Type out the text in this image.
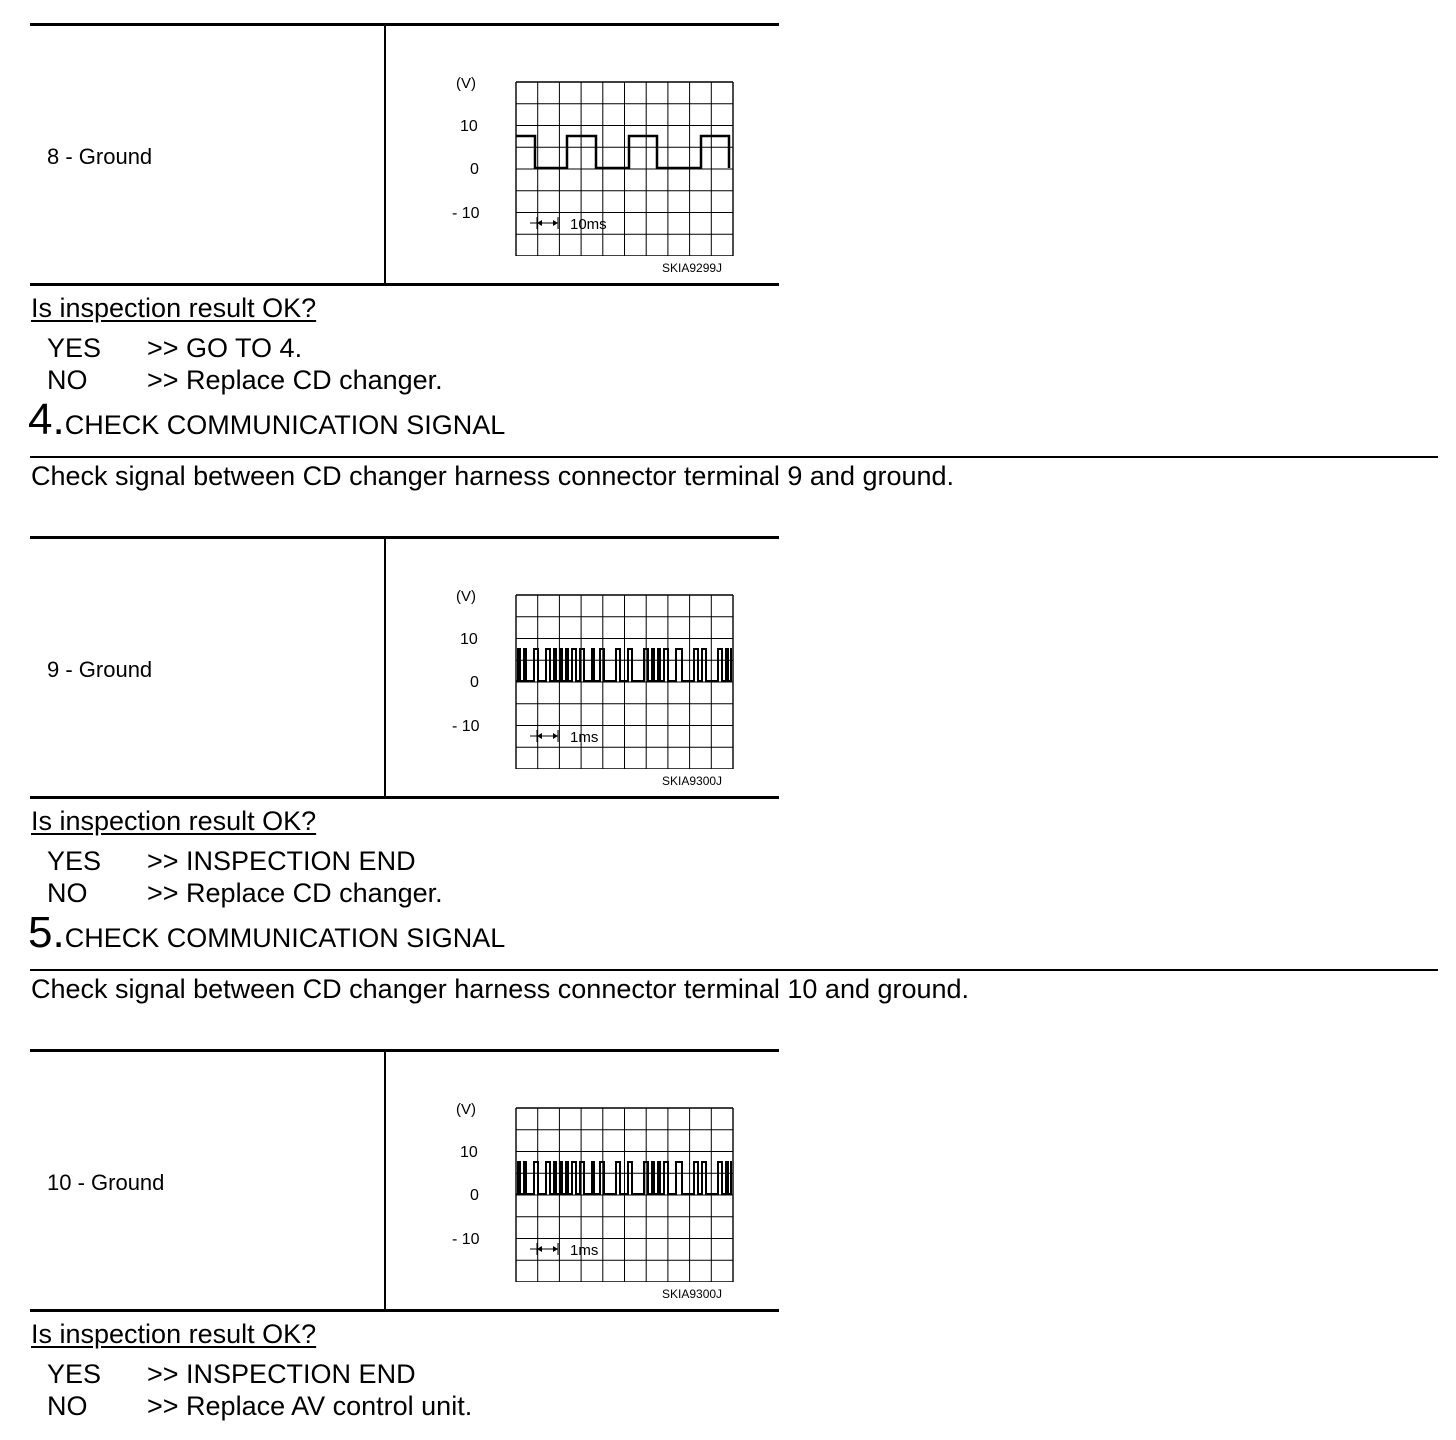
8 - Ground
(V)
10
0
- 10
10ms
SKIA9299J
Is inspection result OK?
YES >> GO TO 4.
NO >> Replace CD changer.
4.CHECK COMMUNICATION SIGNAL
Check signal between CD changer harness connector terminal 9 and ground.
9 - Ground
(V)
10
0
- 10
1ms
SKIA9300J
Is inspection result OK?
YES >> INSPECTION END
NO >> Replace CD changer.
5.CHECK COMMUNICATION SIGNAL
Check signal between CD changer harness connector terminal 10 and ground.
10 - Ground
(V)
10
0
- 10
1ms
SKIA9300J
Is inspection result OK?
YES >> INSPECTION END
NO >> Replace AV control unit.
